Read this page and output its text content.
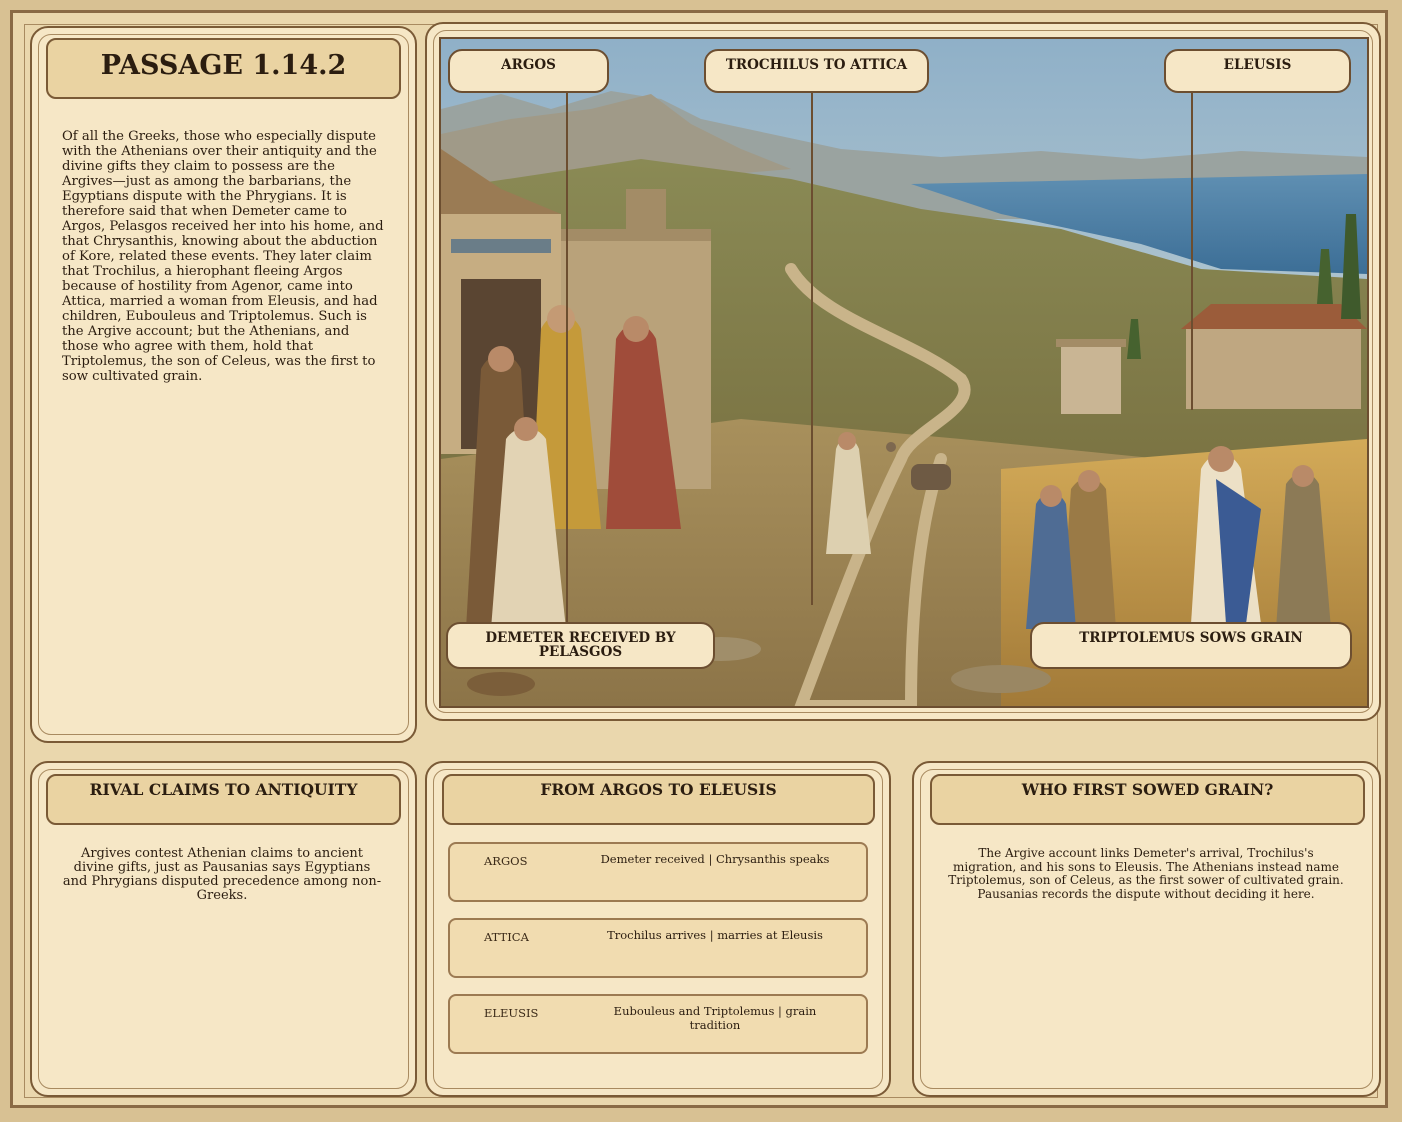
PASSAGE 1.14.2
Of all the Greeks, those who especially dispute with the Athenians over their antiquity and the divine gifts they claim to possess are the Argives—just as among the barbarians, the Egyptians dispute with the Phrygians. It is therefore said that when Demeter came to Argos, Pelasgos received her into his home, and that Chrysanthis, knowing about the abduction of Kore, related these events. They later claim that Trochilus, a hierophant fleeing Argos because of hostility from Agenor, came into Attica, married a woman from Eleusis, and had children, Eubouleus and Triptolemus. Such is the Argive account; but the Athenians, and those who agree with them, hold that Triptolemus, the son of Celeus, was the first to sow cultivated grain.
ARGOS	TROCHILUS TO ATTICA	ELEUSIS
DEMETER RECEIVED BY PELASGOS
TRIPTOLEMUS SOWS GRAIN
RIVAL CLAIMS TO ANTIQUITY
Argives contest Athenian claims to ancient divine gifts, just as Pausanias says Egyptians and Phrygians disputed precedence among non-Greeks.
FROM ARGOS TO ELEUSIS
ARGOS	Demeter received | Chrysanthis speaks
ATTICA	Trochilus arrives | marries at Eleusis
ELEUSIS	Eubouleus and Triptolemus | grain tradition
WHO FIRST SOWED GRAIN?
The Argive account links Demeter's arrival, Trochilus's migration, and his sons to Eleusis. The Athenians instead name Triptolemus, son of Celeus, as the first sower of cultivated grain. Pausanias records the dispute without deciding it here.
